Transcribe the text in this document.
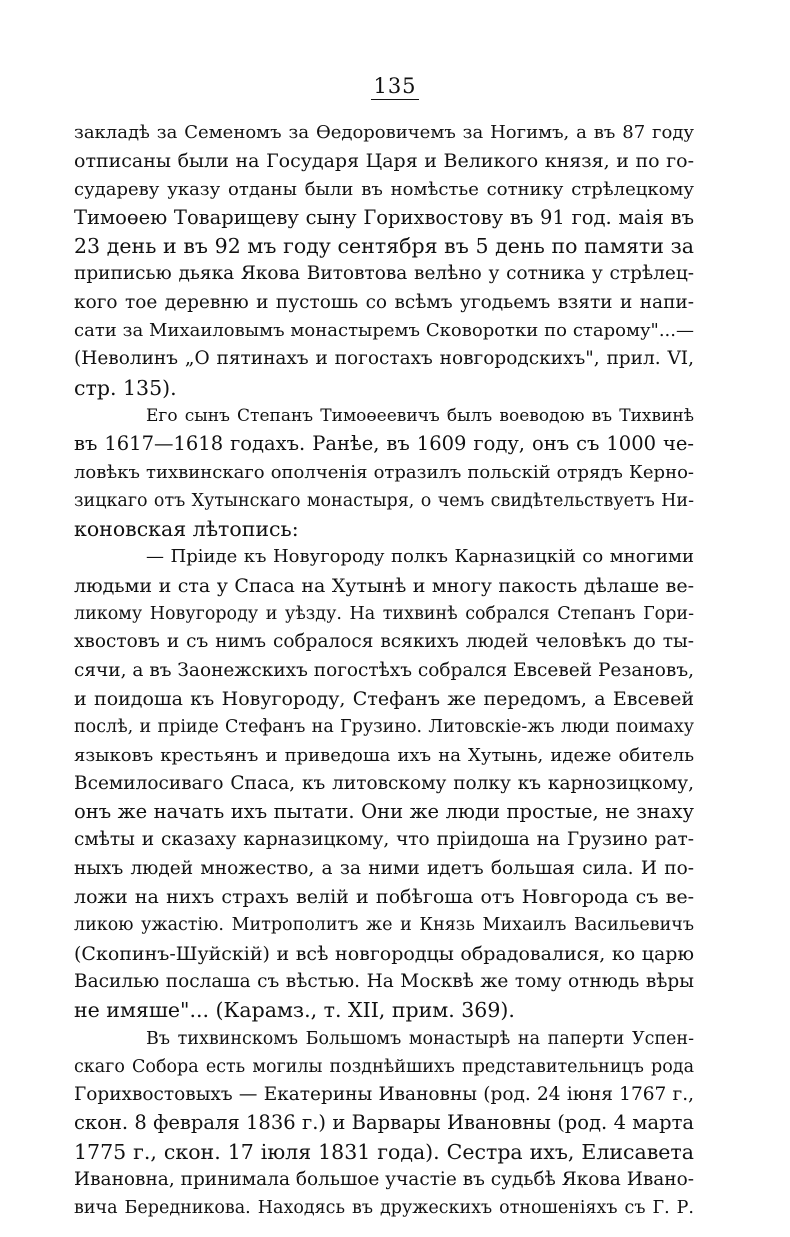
135
закладѣ за Семеномъ за Өедоровичемъ за Ногимъ, а въ 87 году
отписаны были на Государя Царя и Великого князя, и по го-
судареву указу отданы были въ номѣстье сотнику стрѣлецкому
Тимоөею Товарищеву сыну Горихвостову въ 91 год. маія въ
23 день и въ 92 мъ году сентября въ 5 день по памяти за
приписью дьяка Якова Витовтова велѣно у сотника у стрѣлец-
кого тое деревню и пустошь со всѣмъ угодьемъ взяти и напи-
сати за Михаиловымъ монастыремъ Сковоротки по старому"...—
(Неволинъ „О пятинахъ и погостахъ новгородскихъ", прил. VI,
стр. 135).
Его сынъ Степанъ Тимоөеевичъ былъ воеводою въ Тихвинѣ
въ 1617—1618 годахъ. Ранѣе, въ 1609 году, онъ съ 1000 че-
ловѣкъ тихвинскаго ополченія отразилъ польскій отрядъ Керно-
зицкаго отъ Хутынскаго монастыря, о чемъ свидѣтельствуетъ Ни-
коновская лѣтопись:
— Пріиде къ Новугороду полкъ Карназицкій со многими
людьми и ста у Спаса на Хутынѣ и многу пакость дѣлаше ве-
ликому Новугороду и уѣзду. На тихвинѣ собрался Степанъ Гори-
хвостовъ и съ нимъ собралося всякихъ людей человѣкъ до ты-
сячи, а въ Заонежскихъ погостѣхъ собрался Евсевей Резановъ,
и поидоша къ Новугороду, Стефанъ же передомъ, а Евсевей
послѣ, и пріиде Стефанъ на Грузино. Литовскіе-жъ люди поимаху
языковъ крестьянъ и приведоша ихъ на Хутынь, идеже обитель
Всемилосиваго Спаса, къ литовскому полку къ карнозицкому,
онъ же начать ихъ пытати. Они же люди простые, не знаху
смѣты и сказаху карназицкому, что пріидоша на Грузино рат-
ныхъ людей множество, а за ними идетъ большая сила. И по-
ложи на нихъ страхъ велій и побѣгоша отъ Новгорода съ ве-
ликою ужастію. Митрополитъ же и Князь Михаилъ Васильевичъ
(Скопинъ-Шуйскій) и всѣ новгородцы обрадовалися, ко царю
Василью послаша съ вѣстью. На Москвѣ же тому отнюдь вѣры
не имяше"... (Карамз., т. XII, прим. 369).
Въ тихвинскомъ Большомъ монастырѣ на паперти Успен-
скаго Собора есть могилы позднѣйшихъ представительницъ рода
Горихвостовыхъ — Екатерины Ивановны (род. 24 іюня 1767 г.,
скон. 8 февраля 1836 г.) и Варвары Ивановны (род. 4 марта
1775 г., скон. 17 іюля 1831 года). Сестра ихъ, Елисавета
Ивановна, принимала большое участіе въ судьбѣ Якова Ивано-
вича Бередникова. Находясь въ дружескихъ отношеніяхъ съ Г. Р.
